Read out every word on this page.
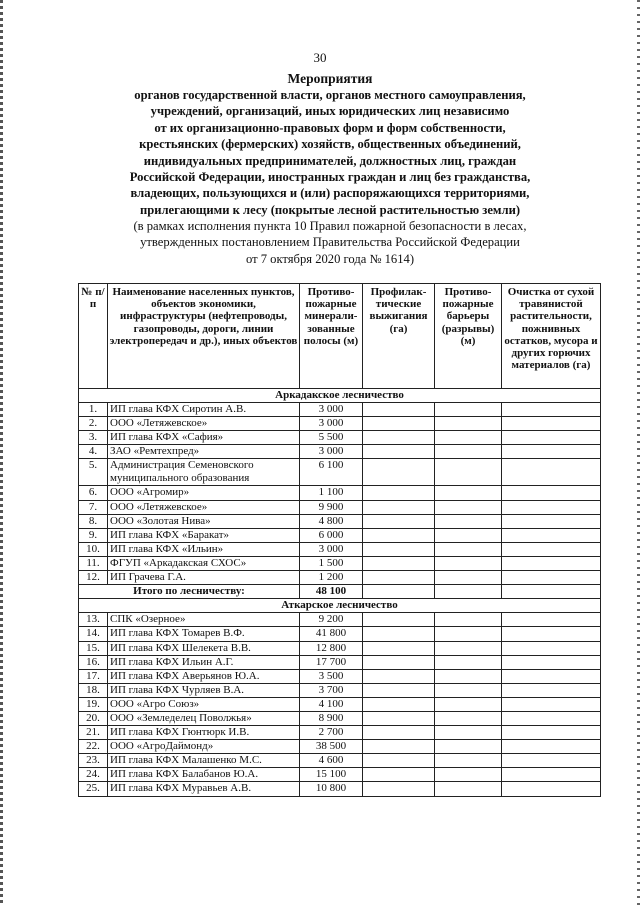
30
Мероприятия
органов государственной власти, органов местного самоуправления,
учреждений, организаций, иных юридических лиц независимо
от их организационно-правовых форм и форм собственности,
крестьянских (фермерских) хозяйств, общественных объединений,
индивидуальных предпринимателей, должностных лиц, граждан
Российской Федерации, иностранных граждан и лиц без гражданства,
владеющих, пользующихся и (или) распоряжающихся территориями,
прилегающими к лесу (покрытые лесной растительностью земли)
(в рамках исполнения пункта 10 Правил пожарной безопасности в лесах,
утвержденных постановлением Правительства Российской Федерации
от 7 октября 2020 года № 1614)
№ п/п	Наименование населенных пунктов, объектов экономики, инфраструктуры (нефтепроводы, газопроводы, дороги, линии электропередач и др.), иных объектов	Противо-пожарные минерали-зованные полосы (м)	Профилак-тические выжигания (га)	Противо-пожарные барьеры (разрывы) (м)	Очистка от сухой травянистой растительности, пожнивных остатков, мусора и других горючих материалов (га)
Аркадакское лесничество					
1.	ИП глава КФХ Сиротин А.В.	3 000			
2.	ООО «Летяжевское»	3 000			
3.	ИП глава КФХ «Сафия»	5 500			
4.	ЗАО «Ремтехпред»	3 000			
5.	Администрация Семеновского муниципального образования	6 100			
6.	ООО «Агромир»	1 100			
7.	ООО «Летяжевское»	9 900			
8.	ООО «Золотая Нива»	4 800			
9.	ИП глава КФХ «Баракат»	6 000			
10.	ИП глава КФХ «Ильин»	3 000			
11.	ФГУП «Аркадакская СХОС»	1 500			
12.	ИП Грачева Г.А.	1 200			
Итого по лесничеству:		48 100			
Аткарское лесничество					
13.	СПК «Озерное»	9 200			
14.	ИП глава КФХ Томарев В.Ф.	41 800			
15.	ИП глава КФХ Шелекета В.В.	12 800			
16.	ИП глава КФХ Ильин А.Г.	17 700			
17.	ИП глава КФХ Аверьянов Ю.А.	3 500			
18.	ИП глава КФХ Чурляев В.А.	3 700			
19.	ООО «Агро Союз»	4 100			
20.	ООО «Земледелец Поволжья»	8 900			
21.	ИП глава КФХ Гюнтюрк И.В.	2 700			
22.	ООО «АгроДаймонд»	38 500			
23.	ИП глава КФХ Малашенко М.С.	4 600			
24.	ИП глава КФХ Балабанов Ю.А.	15 100			
25.	ИП глава КФХ Муравьев А.В.	10 800			
